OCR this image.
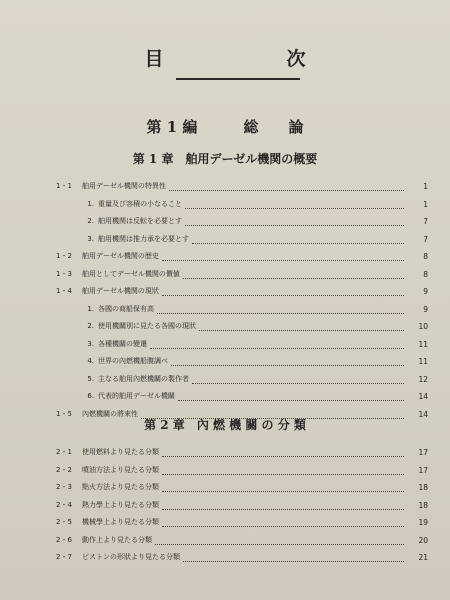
目　次
第 1 編	総　　論
第 1 章 舶用デーゼル機関の概要
1・1	舶用デーゼル機関の特異性	1
1. 重量及び容積の小なること	1
2. 舶用機関は反転を必要とす	7
3. 舶用機関は推力承を必要とす	7
1・2	舶用デーゼル機関の歴史	8
1・3	舶用としてデーゼル機関の價値	8
1・4	舶用デーゼル機関の現狀	9
1. 各國の商船保有高	9
2. 使用機關別に見たる各國の現狀	10
3. 各種機關の變遷	11
4. 世界の內燃機船腹調べ	11
5. 主なる舶用內燃機關の製作者	12
6. 代表的舶用デーゼル機關	14
1・5	內燃機關の將來性	14
第 2 章 內 燃 機 關 の 分 類
2・1	使用燃料より見たる分類	17
2・2	噴油方法より見たる分類	17
2・3	點火方法より見たる分類	18
2・4	熱力學上より見たる分類	18
2・5	機械學上より見たる分類	19
2・6	動作上より見たる分類	20
2・7	ピストンの形狀より見たる分類	21
